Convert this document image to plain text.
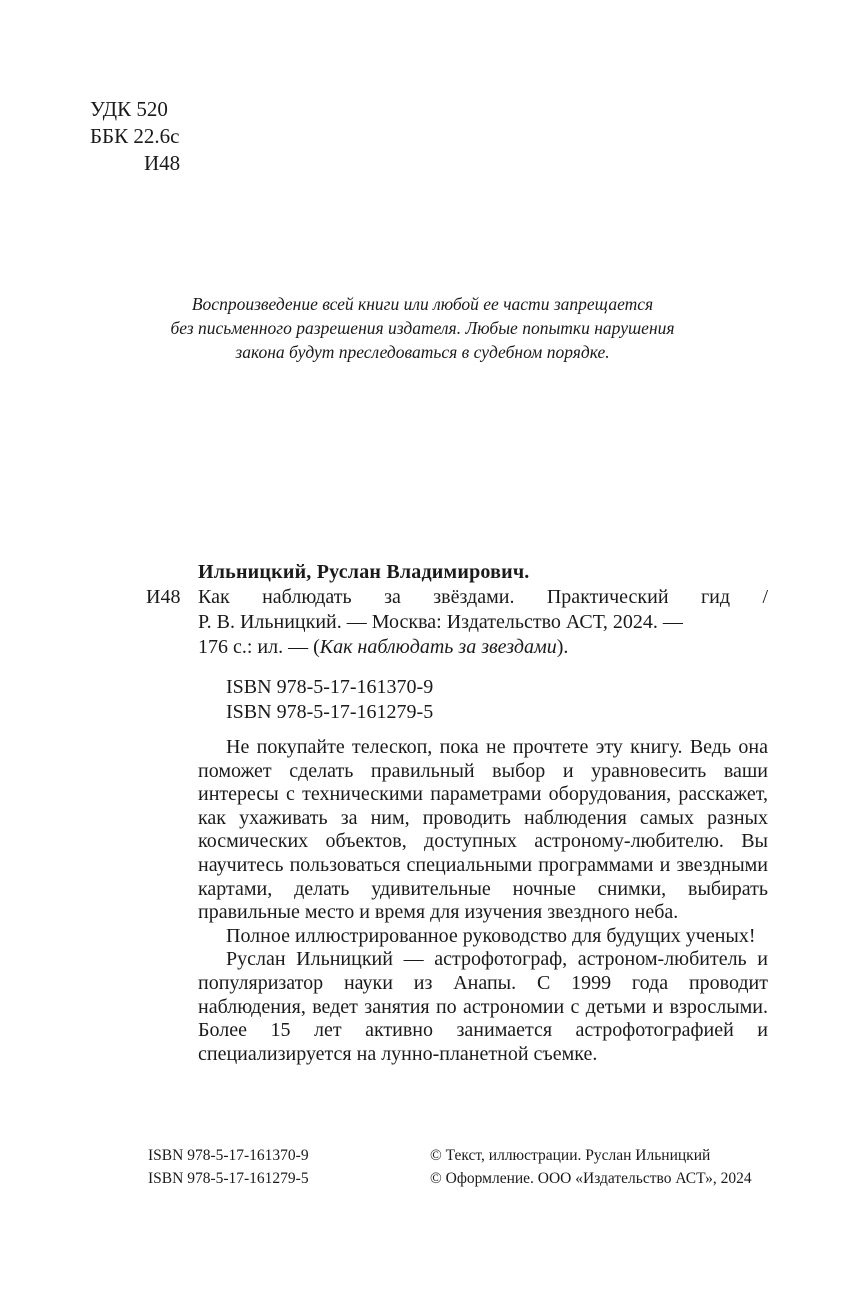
УДК 520
ББК 22.6с
И48
Воспроизведение всей книги или любой ее части запрещается
без письменного разрешения издателя. Любые попытки нарушения
закона будут преследоваться в судебном порядке.
Ильницкий, Руслан Владимирович.
И48 Как наблюдать за звёздами. Практический гид /
Р. В. Ильницкий. — Москва: Издательство АСТ, 2024. —
176 с.: ил. — (Как наблюдать за звездами).
ISBN 978-5-17-161370-9
ISBN 978-5-17-161279-5

Не покупайте телескоп, пока не прочтете эту книгу. Ведь она поможет сделать правильный выбор и уравновесить ваши интересы с техническими параметрами оборудования, расскажет, как ухаживать за ним, проводить наблюдения самых разных космических объектов, доступных астроному-любителю. Вы научитесь пользоваться специальными программами и звездными картами, делать удивительные ночные снимки, выбирать правильные место и время для изучения звездного неба.

Полное иллюстрированное руководство для будущих ученых!

Руслан Ильницкий — астрофотограф, астроном-любитель и популяризатор науки из Анапы. С 1999 года проводит наблюдения, ведет занятия по астрономии с детьми и взрослыми. Более 15 лет активно занимается астрофотографией и специализируется на лунно-планетной съемке.

ISBN 978-5-17-161370-9
ISBN 978-5-17-161279-5
© Текст, иллюстрации. Руслан Ильницкий
© Оформление. ООО «Издательство АСТ», 2024
